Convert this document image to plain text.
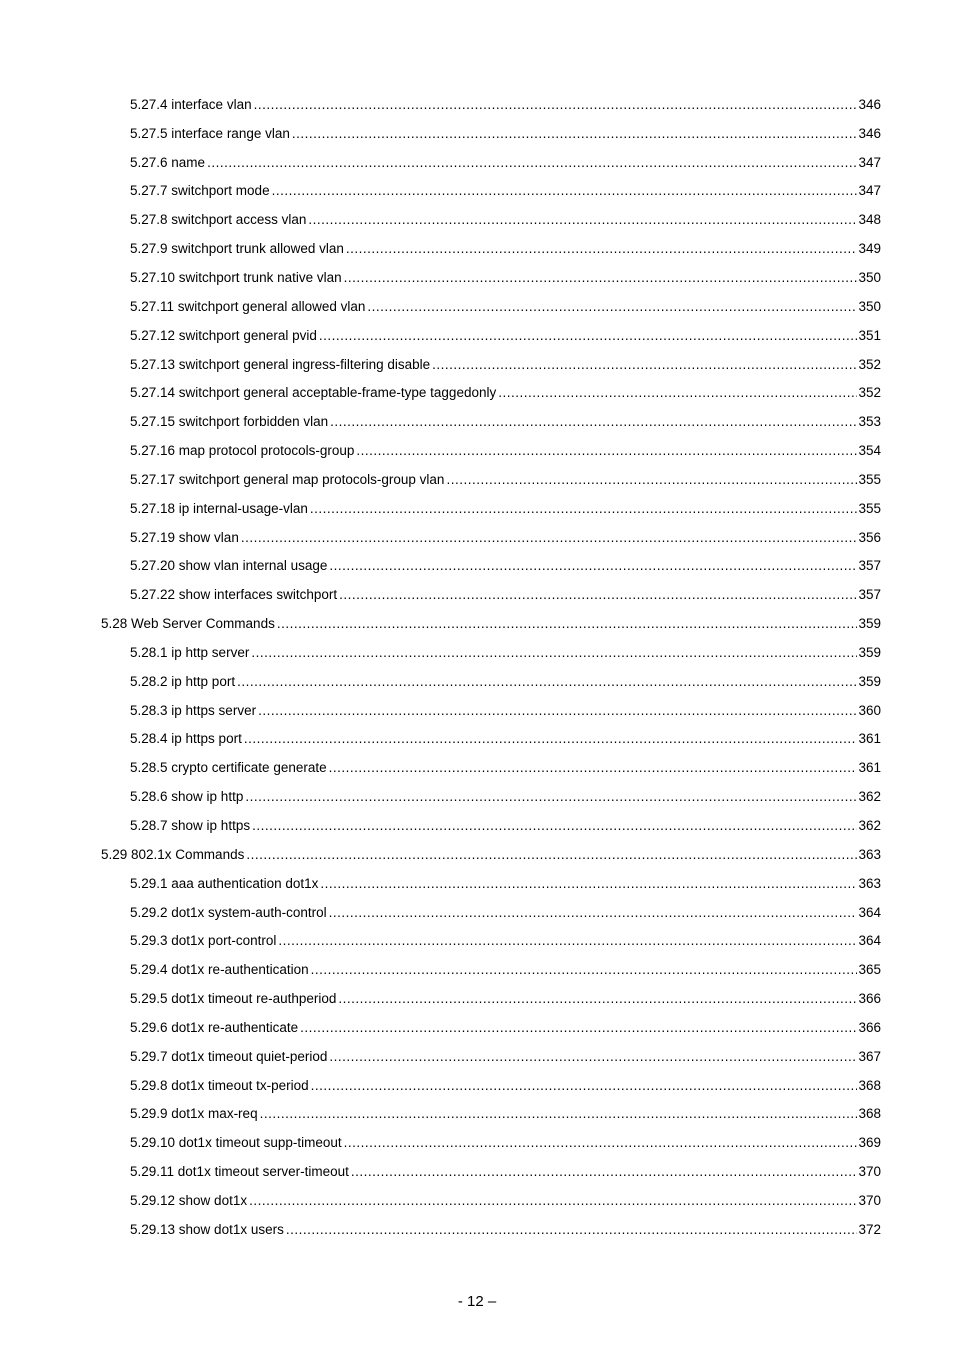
5.27.4 interface vlan .....	346
5.27.5 interface range vlan .....	346
5.27.6 name .....	347
5.27.7 switchport mode .....	347
5.27.8 switchport access vlan .....	348
5.27.9 switchport trunk allowed vlan .....	349
5.27.10 switchport trunk native vlan .....	350
5.27.11 switchport general allowed vlan .....	350
5.27.12 switchport general pvid .....	351
5.27.13 switchport general ingress-filtering disable .....	352
5.27.14 switchport general acceptable-frame-type taggedonly .....	352
5.27.15 switchport forbidden vlan .....	353
5.27.16 map protocol protocols-group .....	354
5.27.17 switchport general map protocols-group vlan .....	355
5.27.18 ip internal-usage-vlan .....	355
5.27.19 show vlan .....	356
5.27.20 show vlan internal usage .....	357
5.27.22 show interfaces switchport .....	357
5.28 Web Server Commands .....	359
5.28.1 ip http server .....	359
5.28.2 ip http port .....	359
5.28.3 ip https server .....	360
5.28.4 ip https port .....	361
5.28.5 crypto certificate generate .....	361
5.28.6 show ip http .....	362
5.28.7 show ip https .....	362
5.29 802.1x Commands .....	363
5.29.1 aaa authentication dot1x .....	363
5.29.2 dot1x system-auth-control .....	364
5.29.3 dot1x port-control .....	364
5.29.4 dot1x re-authentication .....	365
5.29.5 dot1x timeout re-authperiod .....	366
5.29.6 dot1x re-authenticate .....	366
5.29.7 dot1x timeout quiet-period .....	367
5.29.8 dot1x timeout tx-period .....	368
5.29.9 dot1x max-req .....	368
5.29.10 dot1x timeout supp-timeout .....	369
5.29.11 dot1x timeout server-timeout .....	370
5.29.12 show dot1x .....	370
5.29.13 show dot1x users .....	372
- 12 –
